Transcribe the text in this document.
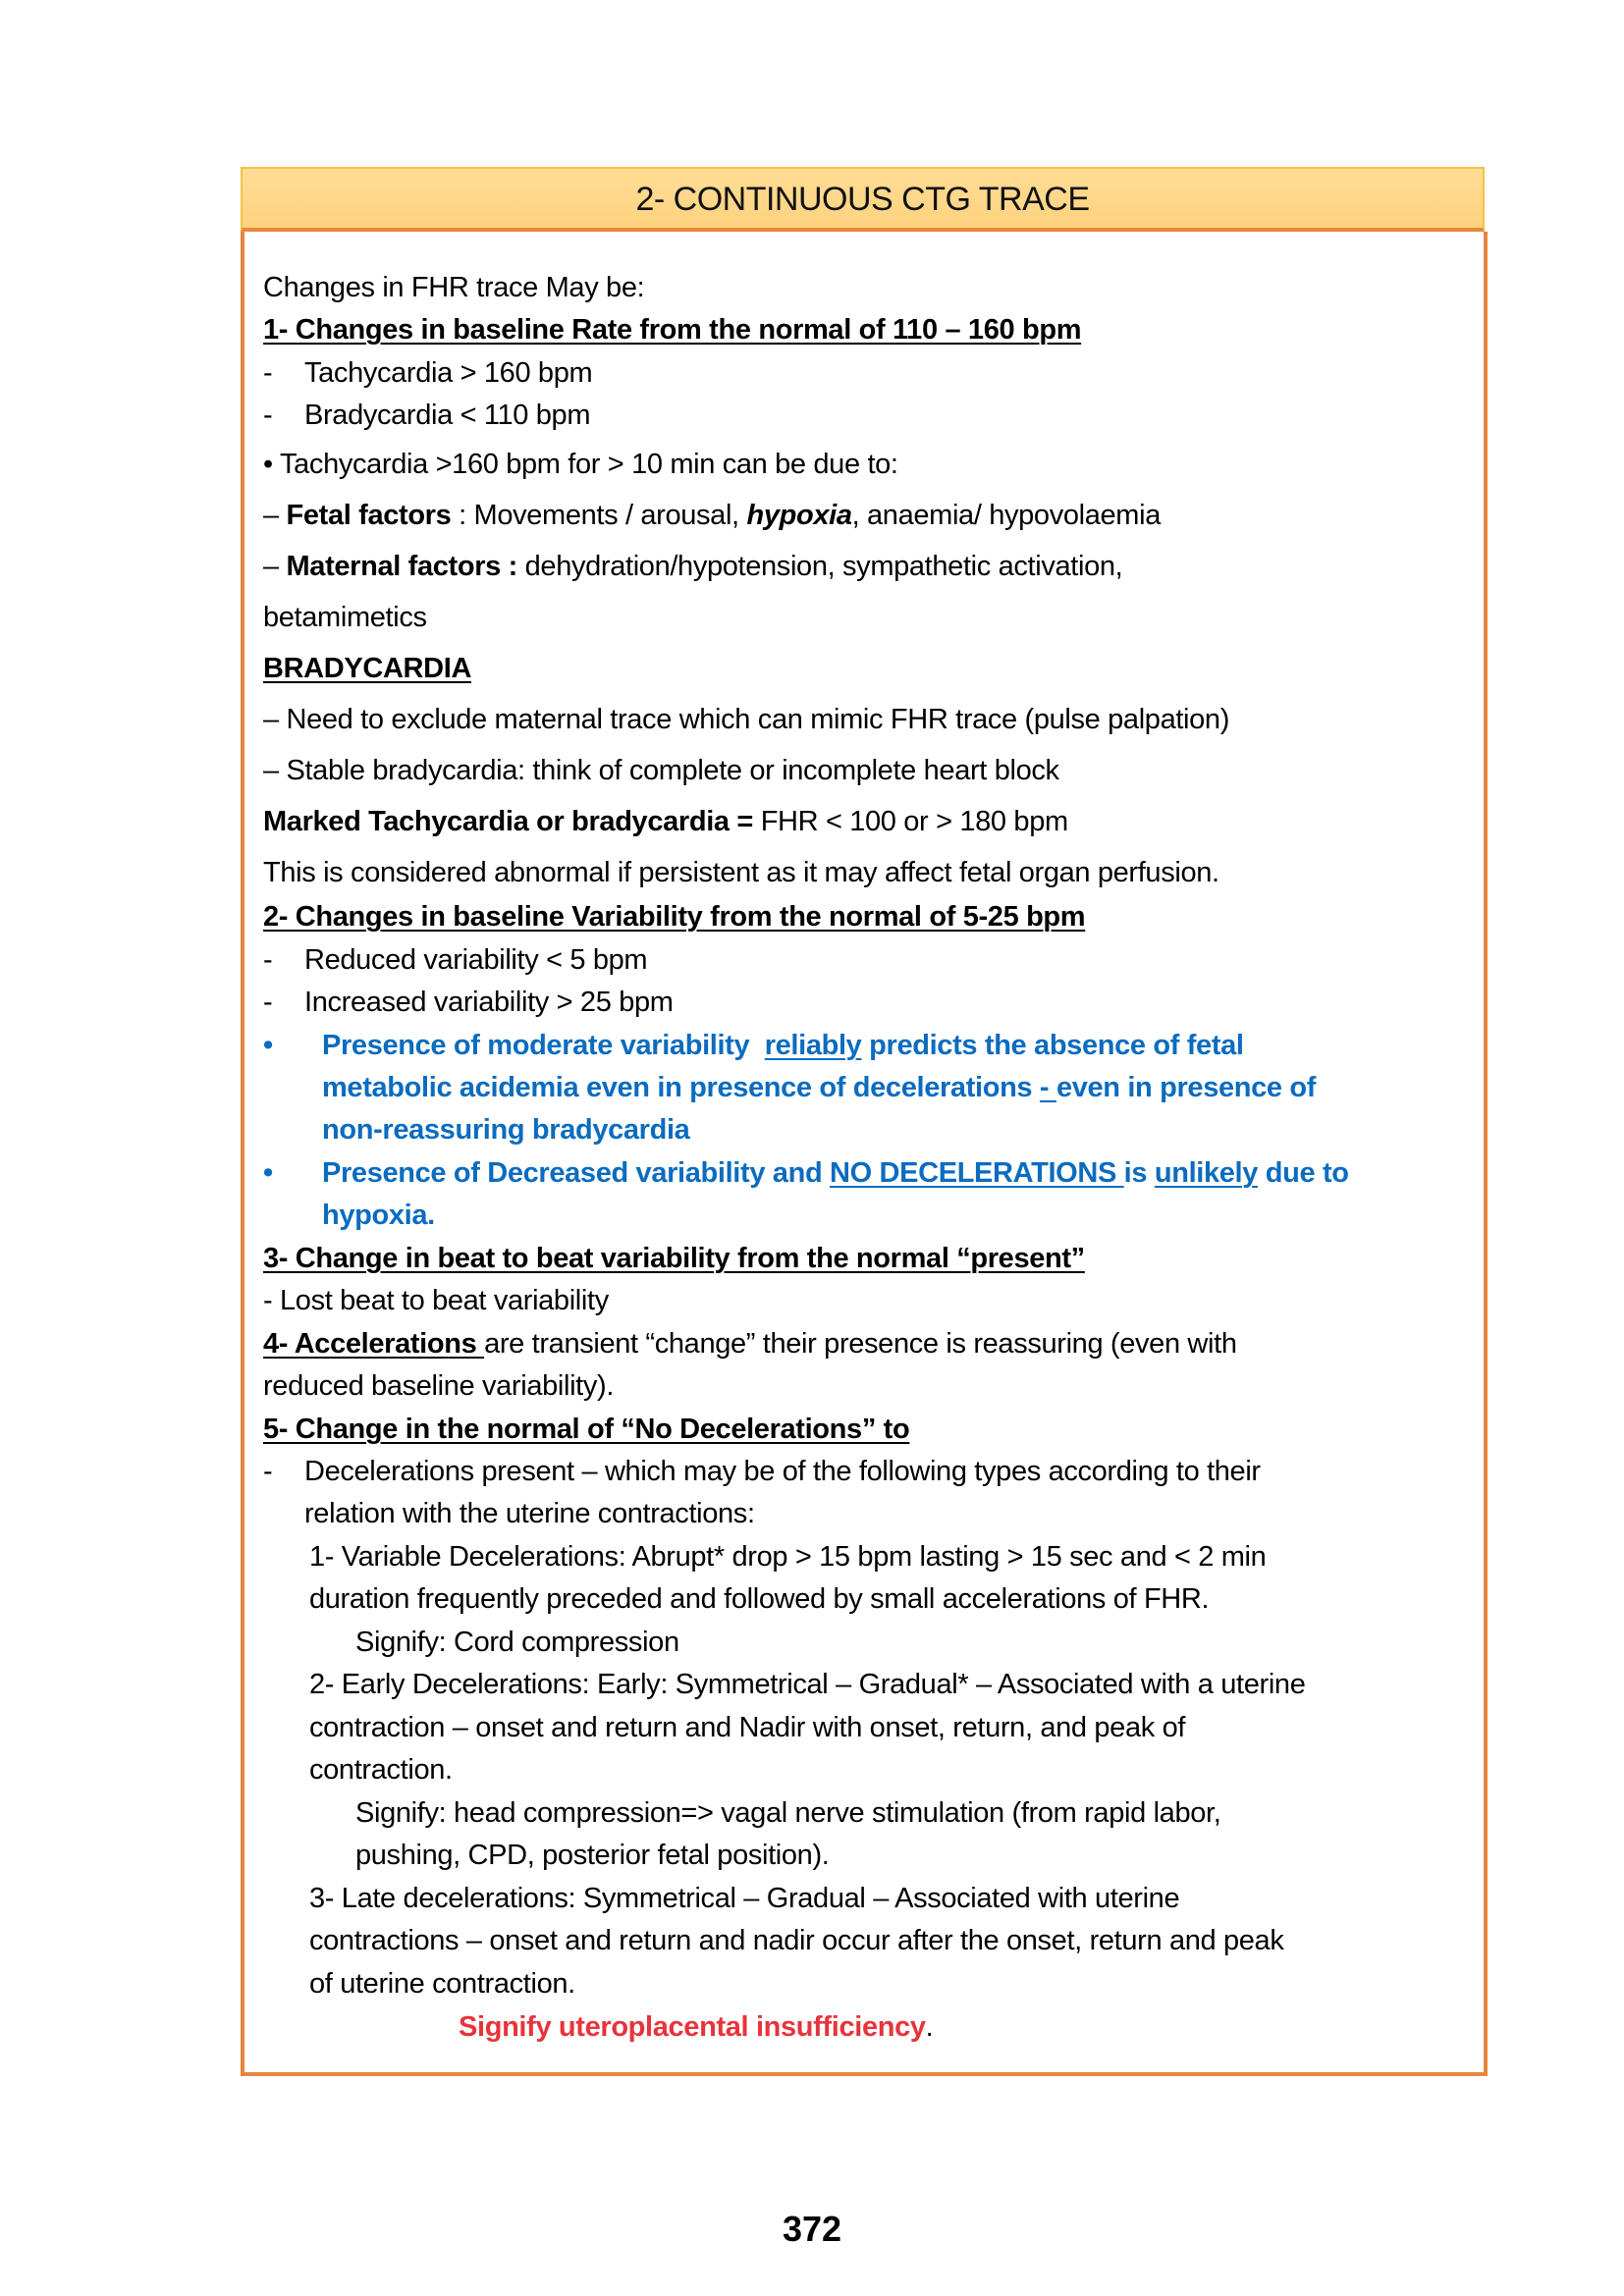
2- CONTINUOUS CTG TRACE
Changes in FHR trace May be:
1- Changes in baseline Rate from the normal of 110 – 160 bpm
- Tachycardia > 160 bpm
- Bradycardia < 110 bpm
• Tachycardia >160 bpm for > 10 min can be due to:
– Fetal factors : Movements / arousal, hypoxia, anaemia/ hypovolaemia
– Maternal factors : dehydration/hypotension, sympathetic activation,
betamimetics
BRADYCARDIA
– Need to exclude maternal trace which can mimic FHR trace (pulse palpation)
– Stable bradycardia: think of complete or incomplete heart block
Marked Tachycardia or bradycardia = FHR < 100 or > 180 bpm
This is considered abnormal if persistent as it may affect fetal organ perfusion.
2- Changes in baseline Variability from the normal of 5-25 bpm
- Reduced variability < 5 bpm
- Increased variability > 25 bpm
• Presence of moderate variability  reliably predicts the absence of fetal
metabolic acidemia even in presence of decelerations - even in presence of
non-reassuring bradycardia
• Presence of Decreased variability and NO DECELERATIONS is unlikely due to
hypoxia.
3- Change in beat to beat variability from the normal “present”
- Lost beat to beat variability
4- Accelerations are transient “change” their presence is reassuring (even with
reduced baseline variability).
5- Change in the normal of “No Decelerations” to
- Decelerations present – which may be of the following types according to their
relation with the uterine contractions:
1- Variable Decelerations: Abrupt* drop > 15 bpm lasting > 15 sec and < 2 min
duration frequently preceded and followed by small accelerations of FHR.
Signify: Cord compression
2- Early Decelerations: Early: Symmetrical – Gradual* – Associated with a uterine
contraction – onset and return and Nadir with onset, return, and peak of
contraction.
Signify: head compression=> vagal nerve stimulation (from rapid labor,
pushing, CPD, posterior fetal position).
3- Late decelerations: Symmetrical – Gradual – Associated with uterine
contractions – onset and return and nadir occur after the onset, return and peak
of uterine contraction.
Signify uteroplacental insufficiency.
372
